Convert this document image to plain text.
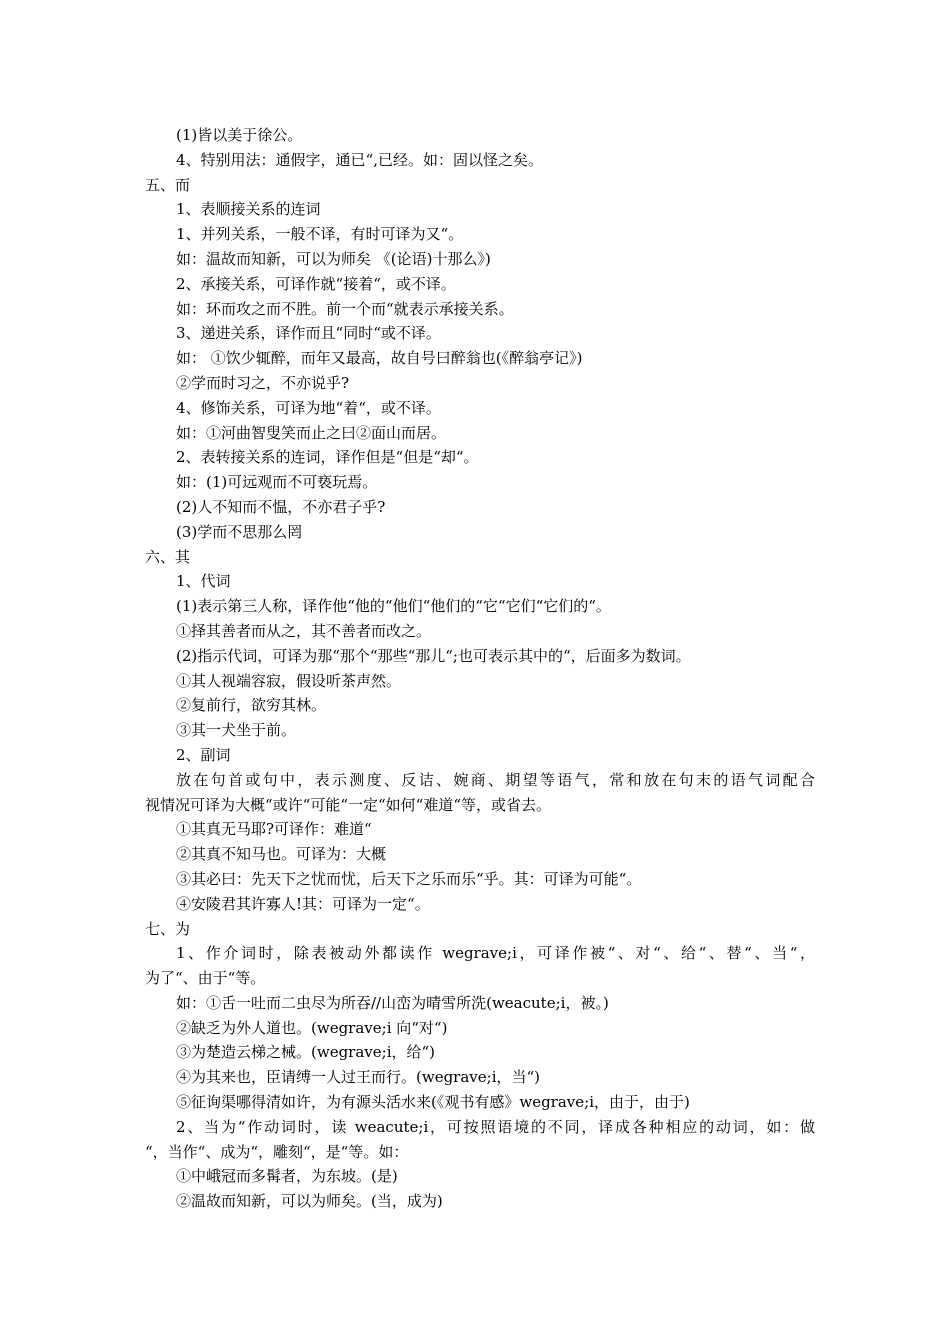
(1)皆以美于徐公。
4、特别用法：通假字，通已“,已经。如：固以怪之矣。
五、而
1、表顺接关系的连词
1、并列关系，一般不译，有时可译为又“。
如：温故而知新，可以为师矣 《(论语)十那么》)
2、承接关系，可译作就“接着“，或不译。
如：环而攻之而不胜。前一个而“就表示承接关系。
3、递进关系，译作而且“同时“或不译。
如： ①饮少辄醉，而年又最高，故自号曰醉翁也(《醉翁亭记》)
②学而时习之，不亦说乎?
4、修饰关系，可译为地“着“，或不译。
如：①河曲智叟笑而止之曰②面山而居。
2、表转接关系的连词，译作但是“但是“却“。
如：(1)可远观而不可亵玩焉。
(2)人不知而不愠，不亦君子乎?
(3)学而不思那么罔
六、其
1、代词
(1)表示第三人称，译作他“他的“他们“他们的“它“它们“它们的“。
①择其善者而从之，其不善者而改之。
(2)指示代词，可译为那“那个“那些“那儿“;也可表示其中的“，后面多为数词。
①其人视端容寂，假设听茶声然。
②复前行，欲穷其林。
③其一犬坐于前。
2、副词
放在句首或句中，表示测度、反诘、婉商、期望等语气，常和放在句末的语气词配合
视情况可译为大概“或许“可能“一定“如何“难道“等，或省去。
①其真无马耶?可译作：难道“
②其真不知马也。可译为：大概
③其必曰：先天下之忧而忧，后天下之乐而乐“乎。其：可译为可能“。
④安陵君其许寡人!其：可译为一定“。
七、为
1、作介词时，除表被动外都读作 wegrave;i，可译作被“、对“、给“、替“、当“，
为了“、由于“等。
如：①舌一吐而二虫尽为所吞//山峦为晴雪所洗(weacute;i，被。)
②缺乏为外人道也。(wegrave;i 向“对“)
③为楚造云梯之械。(wegrave;i，给“)
④为其来也，臣请缚一人过王而行。(wegrave;i，当“)
⑤征询渠哪得清如许，为有源头活水来(《观书有感》wegrave;i，由于，由于)
2、当为“作动词时，读 weacute;i，可按照语境的不同，译成各种相应的动词，如：做
“，当作“、成为“，雕刻“，是“等。如：
①中峨冠而多髯者，为东坡。(是)
②温故而知新，可以为师矣。(当，成为)
